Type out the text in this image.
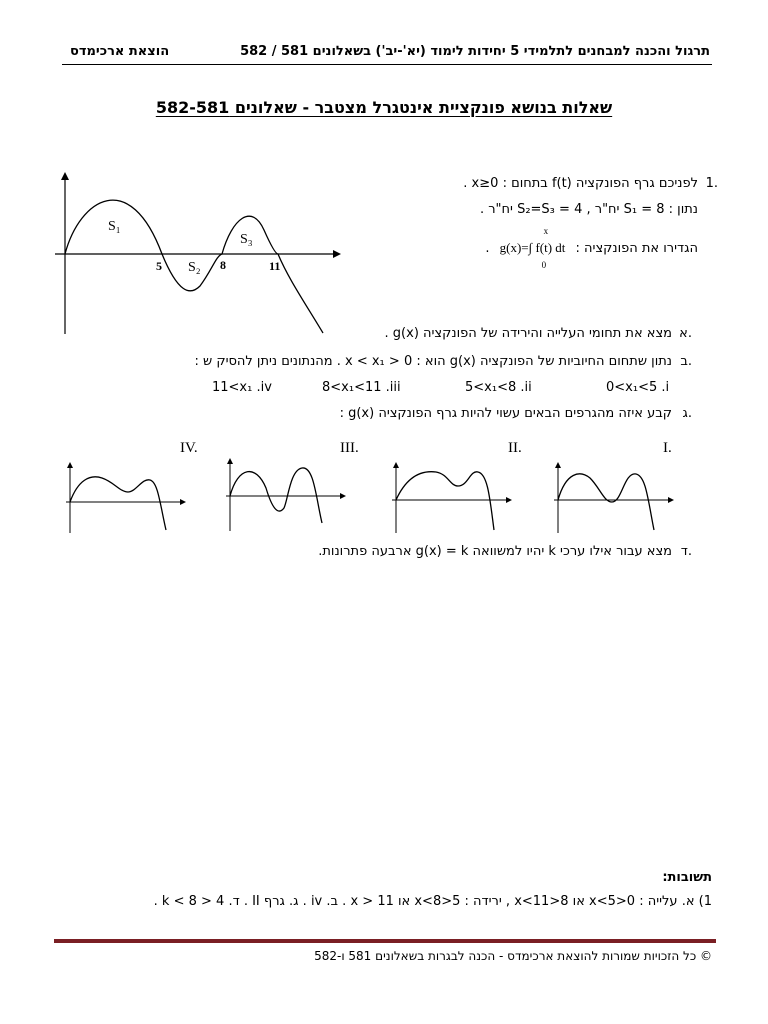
תרגול והכנה למבחנים לתלמידי 5 יחידות לימוד (יא'-יב') בשאלונים 581 / 582
הוצאת ארכימדס
שאלות בנושא פונקציית אינטגרל מצטבר - שאלונים 582-581
S₁
S₂
S₃
5	8	11
1.
לפניכם גרף הפונקציה f(t) בתחום : 0≤x .
נתון : 8 = S₁ יח"ר , 4 = S₂=S₃ יח"ר .
הגדירו את הפונקציה : g(x)=∫ f(t) dt
x
0
.
א.
מצא את תחומי העלייה והירידה של הפונקציה g(x) .
ב.
נתון שתחום החיוביות של הפונקציה g(x) הוא : 0 < x < x₁ . מהנתונים ניתן להסיק ש :
0<x₁<5 .i
5<x₁<8 .ii
8<x₁<11 .iii
11<x₁ .iv
ג.
קבע איזה מהגרפים הבאים עשוי להיות גרף הפונקציה g(x) :
I.
II.
III.
IV.
ד.
מצא עבור אילו ערכי k יהיו למשוואה g(x) = k ארבעה פתרונות.
תשובות:
1) א. עלייה : 0<x<5 או 8<x<11 , ירידה : 5<x<8 או 11 < x . ב. iv . ג. גרף II . ד. 4 < k < 8 .
© כל הזכויות שמורות להוצאת ארכימדס - הכנה לבגרות בשאלונים 581 ו-582
